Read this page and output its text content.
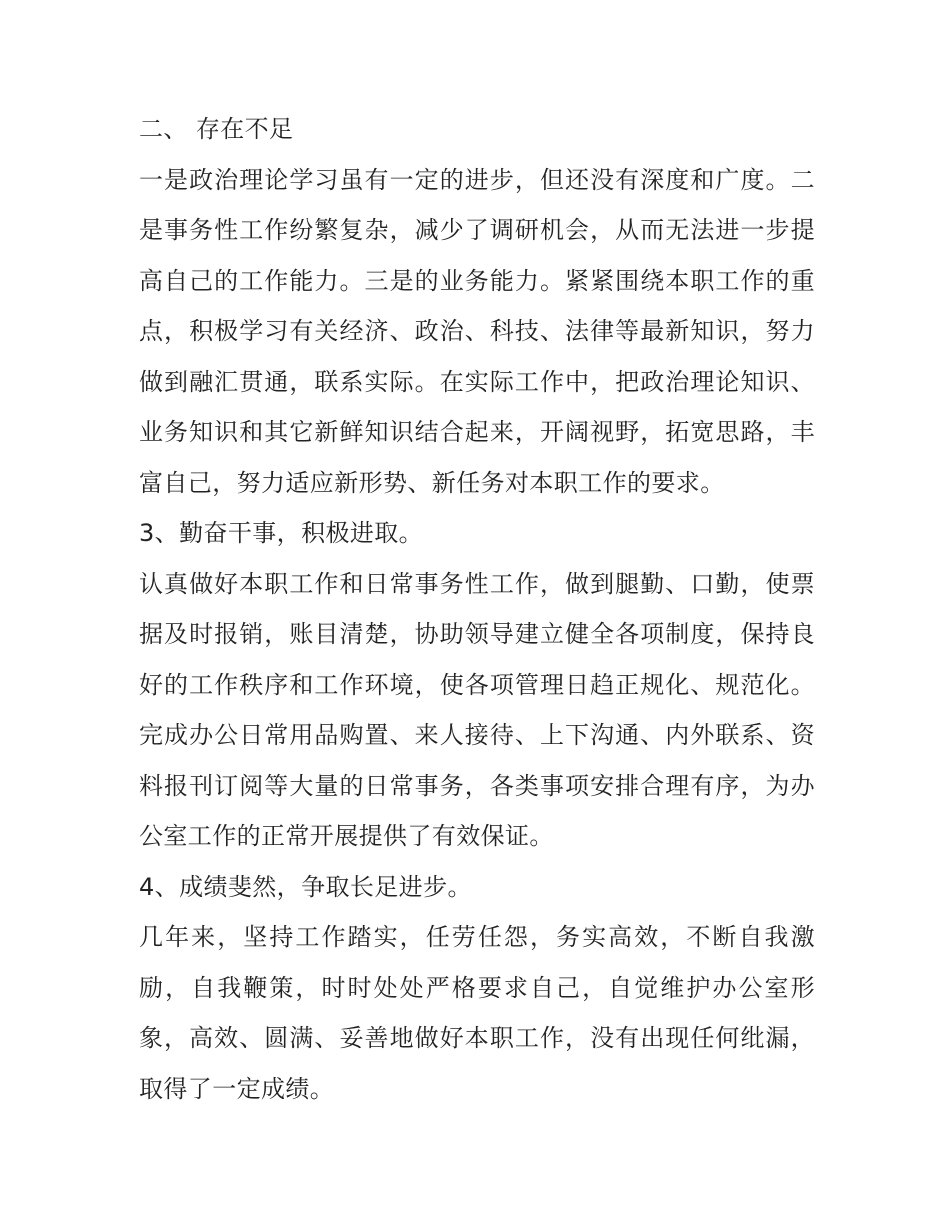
二、 存在不足

一是政治理论学习虽有一定的进步，但还没有深度和广度。二是事务性工作纷繁复杂，减少了调研机会，从而无法进一步提高自己的工作能力。三是的业务能力。紧紧围绕本职工作的重点，积极学习有关经济、政治、科技、法律等最新知识，努力做到融汇贯通，联系实际。在实际工作中，把政治理论知识、业务知识和其它新鲜知识结合起来，开阔视野，拓宽思路，丰富自己，努力适应新形势、新任务对本职工作的要求。

3、勤奋干事，积极进取。

认真做好本职工作和日常事务性工作，做到腿勤、口勤，使票据及时报销，账目清楚，协助领导建立健全各项制度，保持良好的工作秩序和工作环境，使各项管理日趋正规化、规范化。完成办公日常用品购置、来人接待、上下沟通、内外联系、资料报刊订阅等大量的日常事务，各类事项安排合理有序，为办公室工作的正常开展提供了有效保证。

4、成绩斐然，争取长足进步。

几年来，坚持工作踏实，任劳任怨，务实高效，不断自我激励，自我鞭策，时时处处严格要求自己，自觉维护办公室形象，高效、圆满、妥善地做好本职工作，没有出现任何纰漏，取得了一定成绩。
